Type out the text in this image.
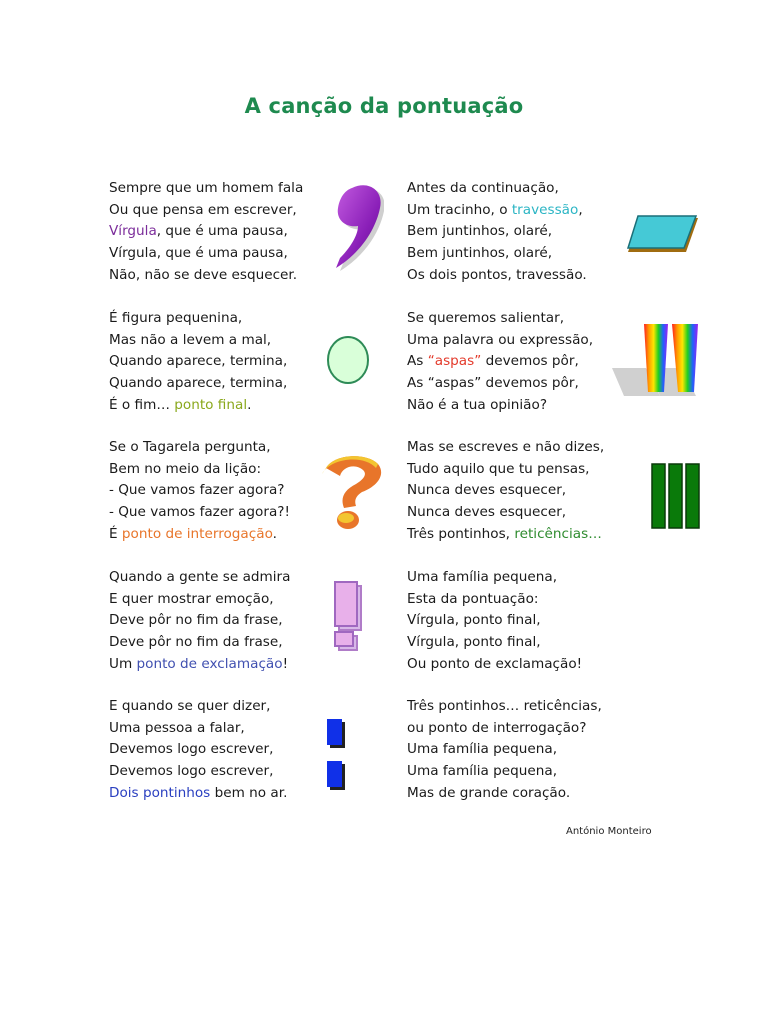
A canção da pontuação
Sempre que um homem fala
Ou que pensa em escrever,
Vírgula, que é uma pausa,
Vírgula, que é uma pausa,
Não, não se deve esquecer.
É figura pequenina,
Mas não a levem a mal,
Quando aparece, termina,
Quando aparece, termina,
É o fim… ponto final.
Se o Tagarela pergunta,
Bem no meio da lição:
- Que vamos fazer agora?
- Que vamos fazer agora?!
É ponto de interrogação.
Quando a gente se admira
E quer mostrar emoção,
Deve pôr no fim da frase,
Deve pôr no fim da frase,
Um ponto de exclamação!
E quando se quer dizer,
Uma pessoa a falar,
Devemos logo escrever,
Devemos logo escrever,
Dois pontinhos bem no ar.
Antes da continuação,
Um tracinho, o travessão,
Bem juntinhos, olaré,
Bem juntinhos, olaré,
Os dois pontos, travessão.
Se queremos salientar,
Uma palavra ou expressão,
As “aspas” devemos pôr,
As “aspas” devemos pôr,
Não é a tua opinião?
Mas se escreves e não dizes,
Tudo aquilo que tu pensas,
Nunca deves esquecer,
Nunca deves esquecer,
Três pontinhos, reticências…
Uma família pequena,
Esta da pontuação:
Vírgula, ponto final,
Vírgula, ponto final,
Ou ponto de exclamação!
Três pontinhos… reticências,
ou ponto de interrogação?
Uma família pequena,
Uma família pequena,
Mas de grande coração.
António Monteiro
